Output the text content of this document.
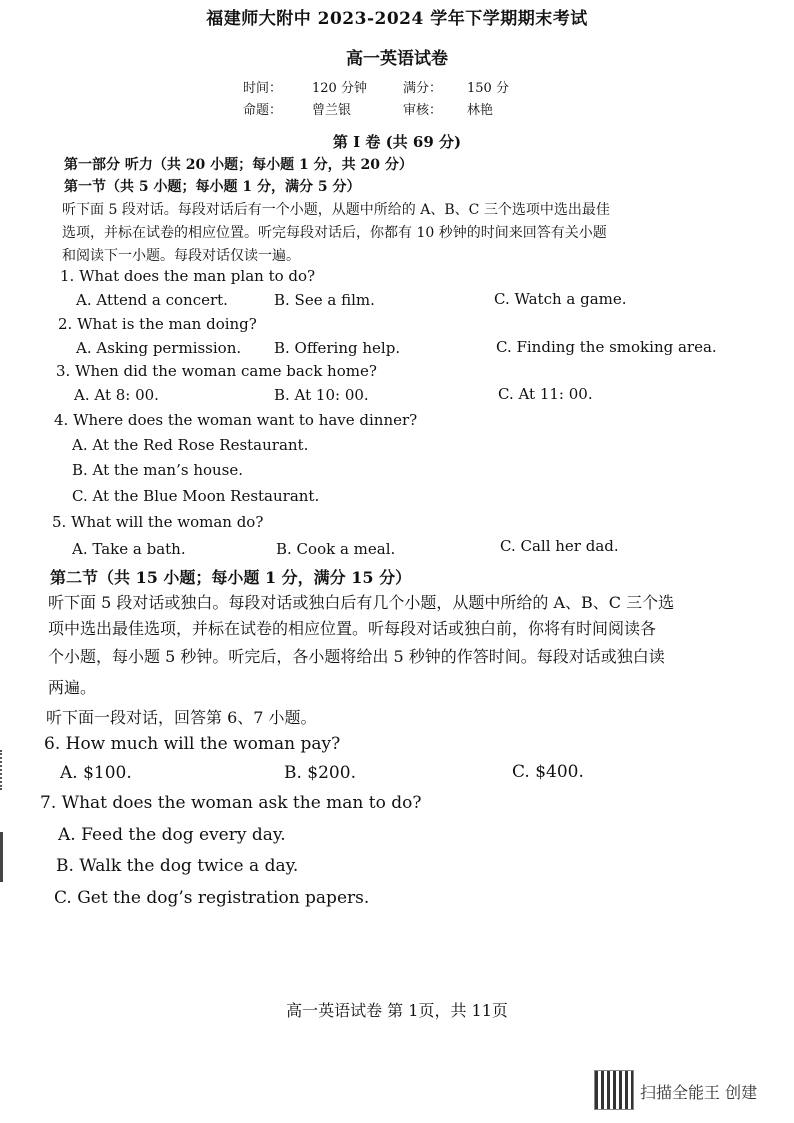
福建师大附中 2023-2024 学年下学期期末考试
高一英语试卷
时间： 120 分钟	满分： 150 分
命题： 曾兰银	审核： 林艳
第 I 卷 (共 69 分)
第一部分 听力（共 20 小题；每小题 1 分，共 20 分）
第一节（共 5 小题；每小题 1 分，满分 5 分）
听下面 5 段对话。每段对话后有一个小题，从题中所给的 A、B、C 三个选项中选出最佳
选项，并标在试卷的相应位置。听完每段对话后，你都有 10 秒钟的时间来回答有关小题
和阅读下一小题。每段对话仅读一遍。
1. What does the man plan to do?
A. Attend a concert.	B. See a film.	C. Watch a game.
2. What is the man doing?
A. Asking permission. B. Offering help.	C. Finding the smoking area.
3. When did the woman came back home?
A. At 8: 00.	B. At 10: 00.	C. At 11: 00.
4. Where does the woman want to have dinner?
A. At the Red Rose Restaurant.
B. At the man’s house.
C. At the Blue Moon Restaurant.
5. What will the woman do?
A. Take a bath.	B. Cook a meal.	C. Call her dad.
第二节（共 15 小题；每小题 1 分，满分 15 分）
听下面 5 段对话或独白。每段对话或独白后有几个小题，从题中所给的 A、B、C 三个选
项中选出最佳选项，并标在试卷的相应位置。听每段对话或独白前，你将有时间阅读各
个小题，每小题 5 秒钟。听完后，各小题将给出 5 秒钟的作答时间。每段对话或独白读
两遍。
听下面一段对话，回答第 6、7 小题。
6. How much will the woman pay?
A. $100.	B. $200.	C. $400.
7. What does the woman ask the man to do?
A. Feed the dog every day.
B. Walk the dog twice a day.
C. Get the dog’s registration papers.
高一英语试卷 第 1页，共 11页
扫描全能王 创建
